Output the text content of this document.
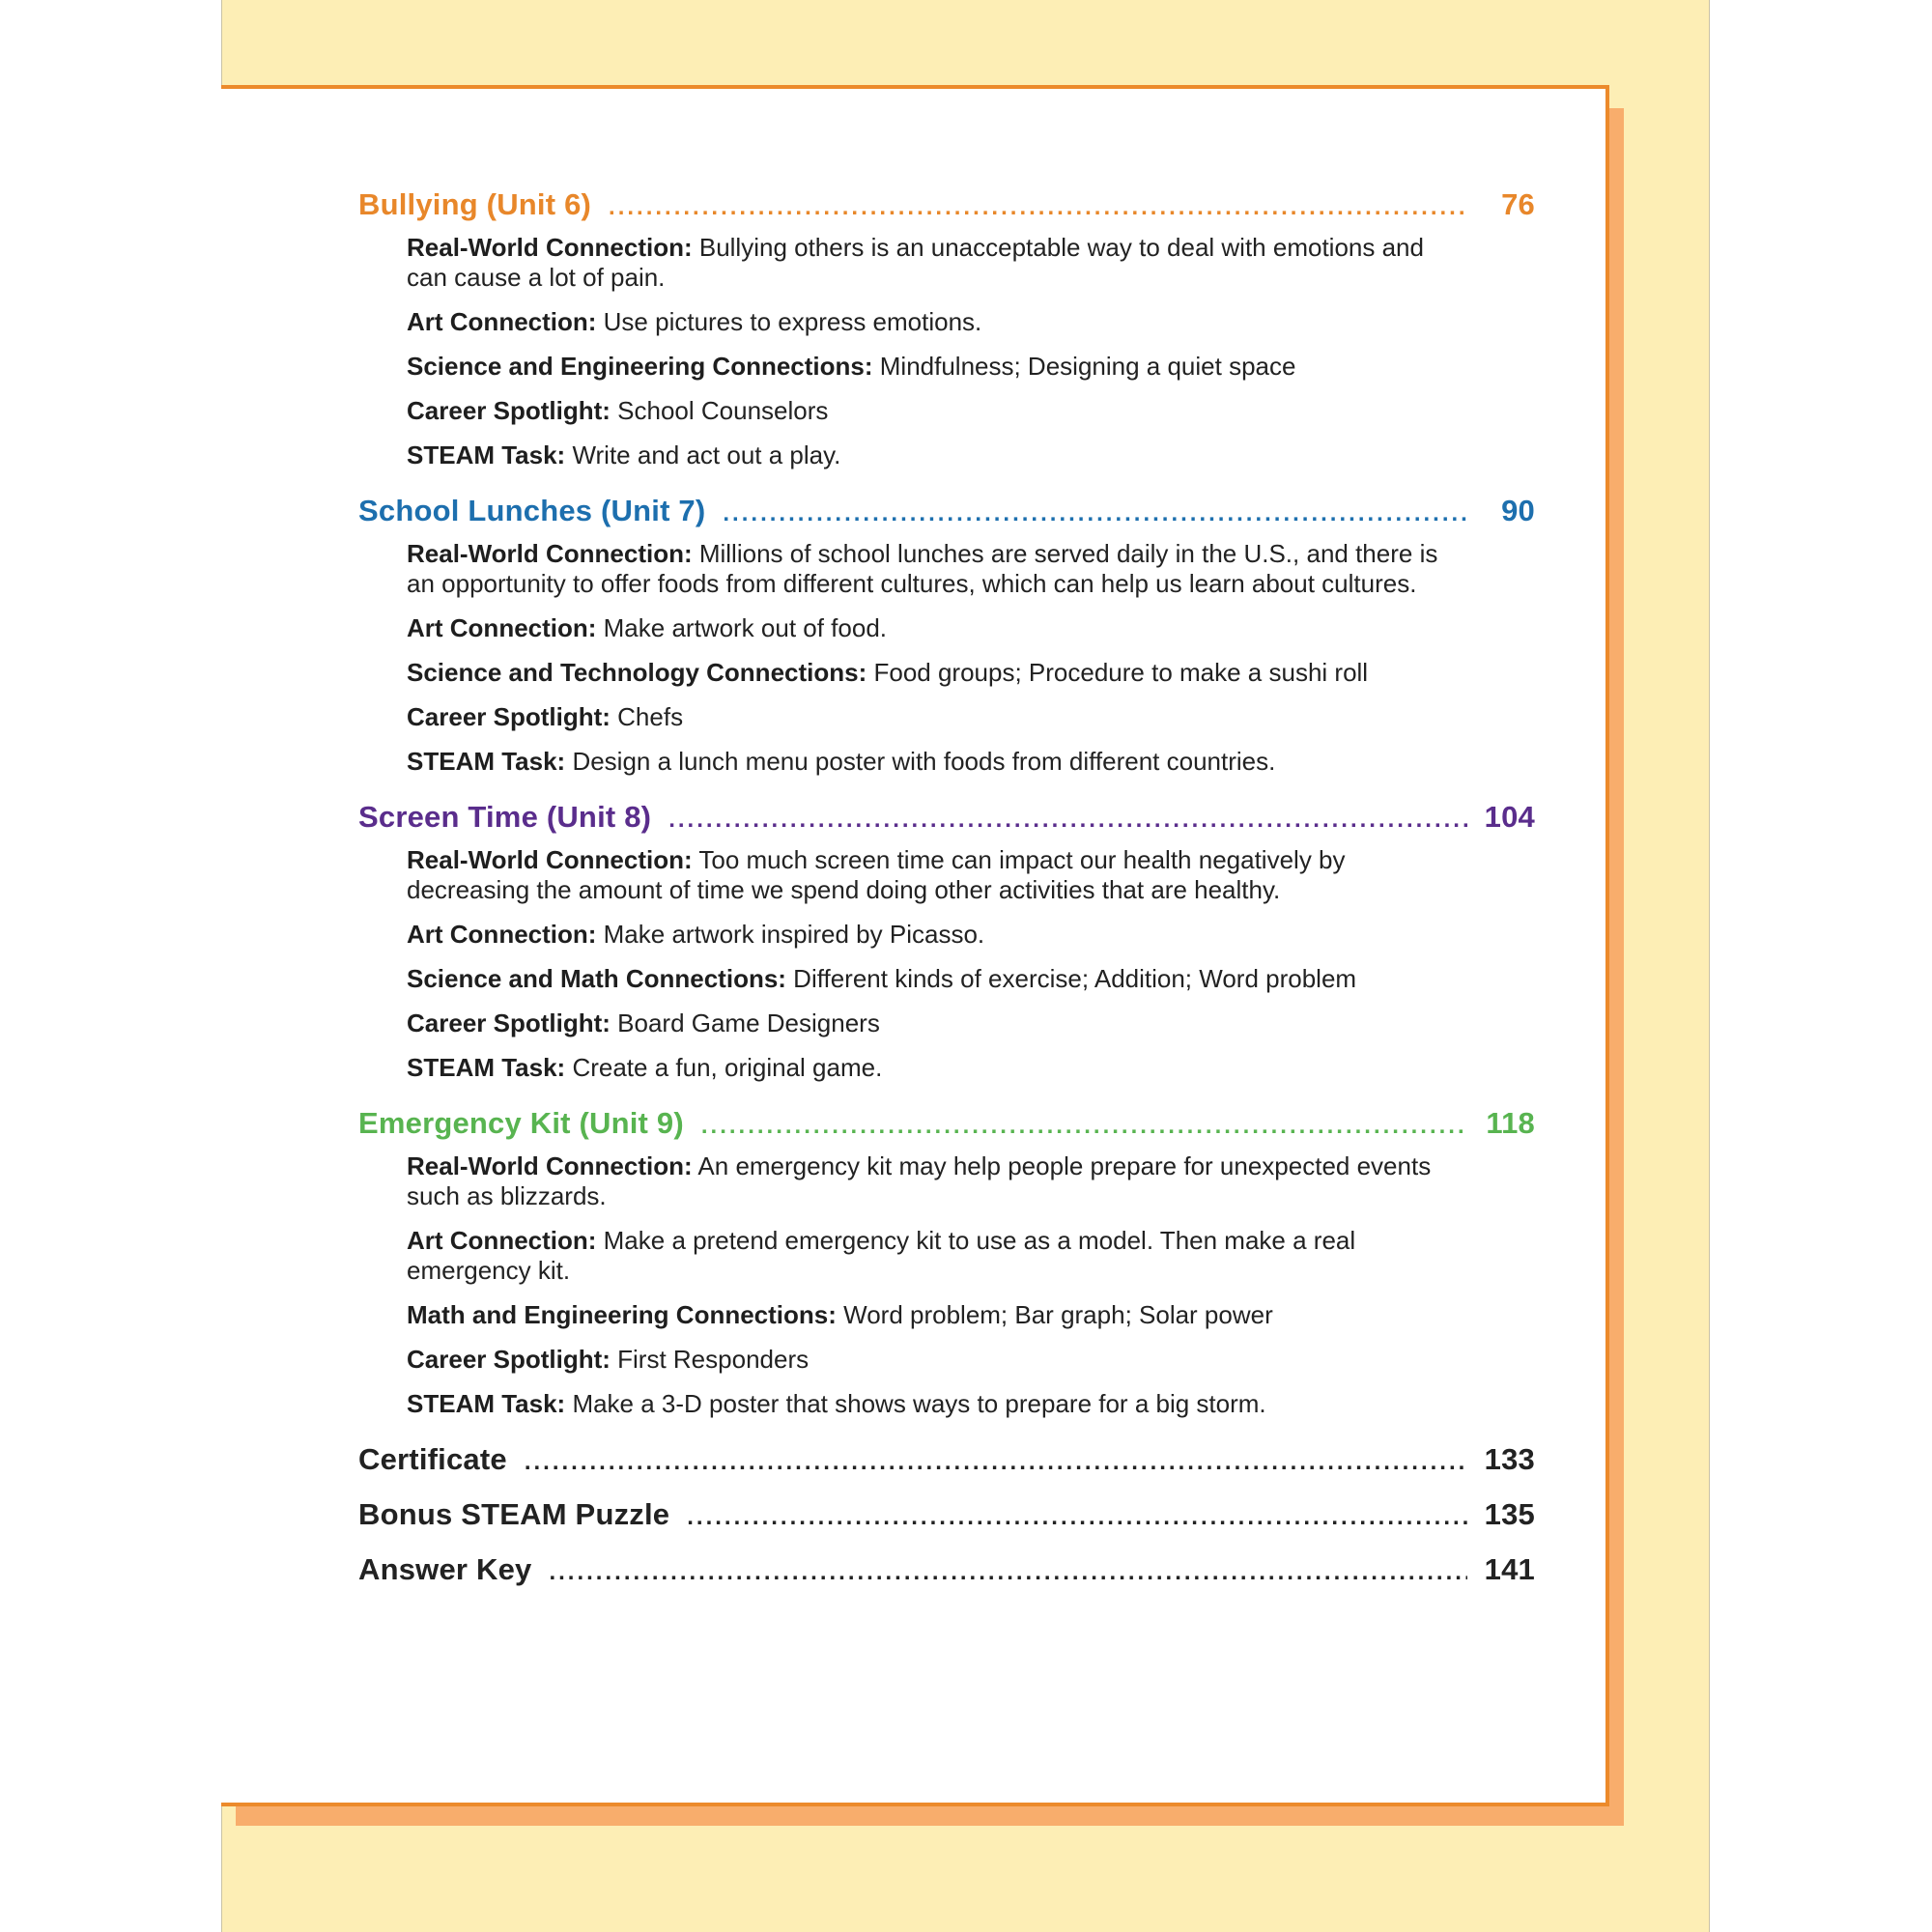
Bullying (Unit 6) .....	76
Real-World Connection: Bullying others is an unacceptable way to deal with emotions and can cause a lot of pain.
Art Connection: Use pictures to express emotions.
Science and Engineering Connections: Mindfulness; Designing a quiet space
Career Spotlight: School Counselors
STEAM Task: Write and act out a play.
School Lunches (Unit 7) .....	90
Real-World Connection: Millions of school lunches are served daily in the U.S., and there is an opportunity to offer foods from different cultures, which can help us learn about cultures.
Art Connection: Make artwork out of food.
Science and Technology Connections: Food groups; Procedure to make a sushi roll
Career Spotlight: Chefs
STEAM Task: Design a lunch menu poster with foods from different countries.
Screen Time (Unit 8) .....	104
Real-World Connection: Too much screen time can impact our health negatively by decreasing the amount of time we spend doing other activities that are healthy.
Art Connection: Make artwork inspired by Picasso.
Science and Math Connections: Different kinds of exercise; Addition; Word problem
Career Spotlight: Board Game Designers
STEAM Task: Create a fun, original game.
Emergency Kit (Unit 9) .....	118
Real-World Connection: An emergency kit may help people prepare for unexpected events such as blizzards.
Art Connection: Make a pretend emergency kit to use as a model. Then make a real emergency kit.
Math and Engineering Connections: Word problem; Bar graph; Solar power
Career Spotlight: First Responders
STEAM Task: Make a 3-D poster that shows ways to prepare for a big storm.
Certificate .....	133
Bonus STEAM Puzzle .....	135
Answer Key .....	141
